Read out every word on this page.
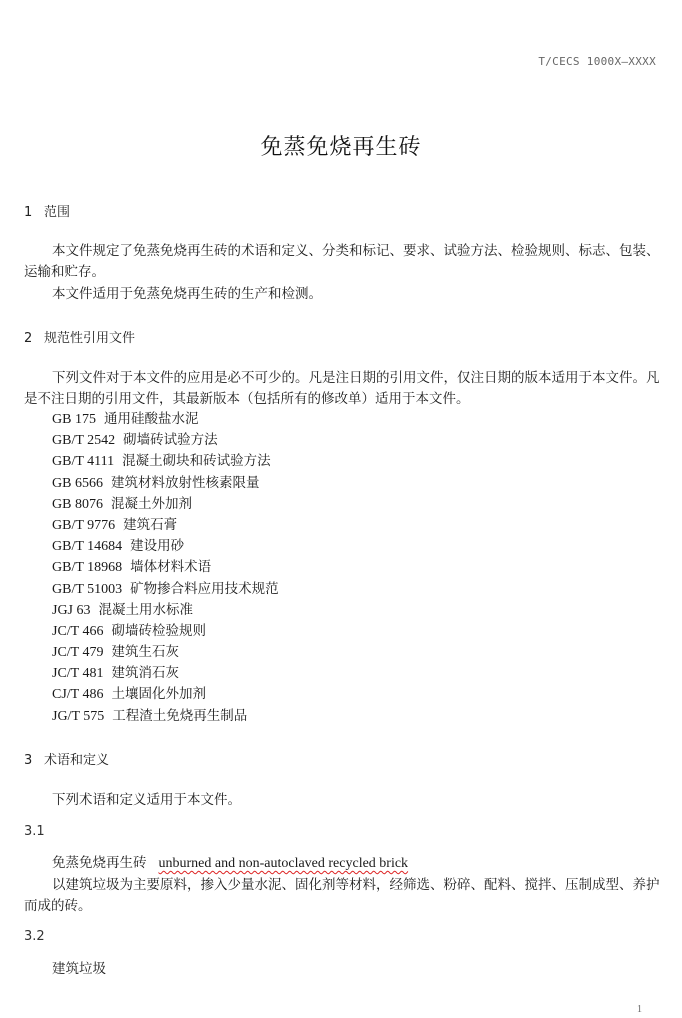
T/CECS 1000X—XXXX
免蒸免烧再生砖
1 范围
本文件规定了免蒸免烧再生砖的术语和定义、分类和标记、要求、试验方法、检验规则、标志、包装、运输和贮存。
本文件适用于免蒸免烧再生砖的生产和检测。
2 规范性引用文件
下列文件对于本文件的应用是必不可少的。凡是注日期的引用文件，仅注日期的版本适用于本文件。凡是不注日期的引用文件，其最新版本（包括所有的修改单）适用于本文件。
GB 175 通用硅酸盐水泥
GB/T 2542 砌墙砖试验方法
GB/T 4111 混凝土砌块和砖试验方法
GB 6566 建筑材料放射性核素限量
GB 8076 混凝土外加剂
GB/T 9776 建筑石膏
GB/T 14684 建设用砂
GB/T 18968 墙体材料术语
GB/T 51003 矿物掺合料应用技术规范
JGJ 63 混凝土用水标准
JC/T 466 砌墙砖检验规则
JC/T 479 建筑生石灰
JC/T 481 建筑消石灰
CJ/T 486 土壤固化外加剂
JG/T 575 工程渣土免烧再生制品
3 术语和定义
下列术语和定义适用于本文件。
3.1
免蒸免烧再生砖 unburned and non-autoclaved recycled brick
以建筑垃圾为主要原料，掺入少量水泥、固化剂等材料，经筛选、粉碎、配料、搅拌、压制成型、养护而成的砖。
3.2
建筑垃圾
1
